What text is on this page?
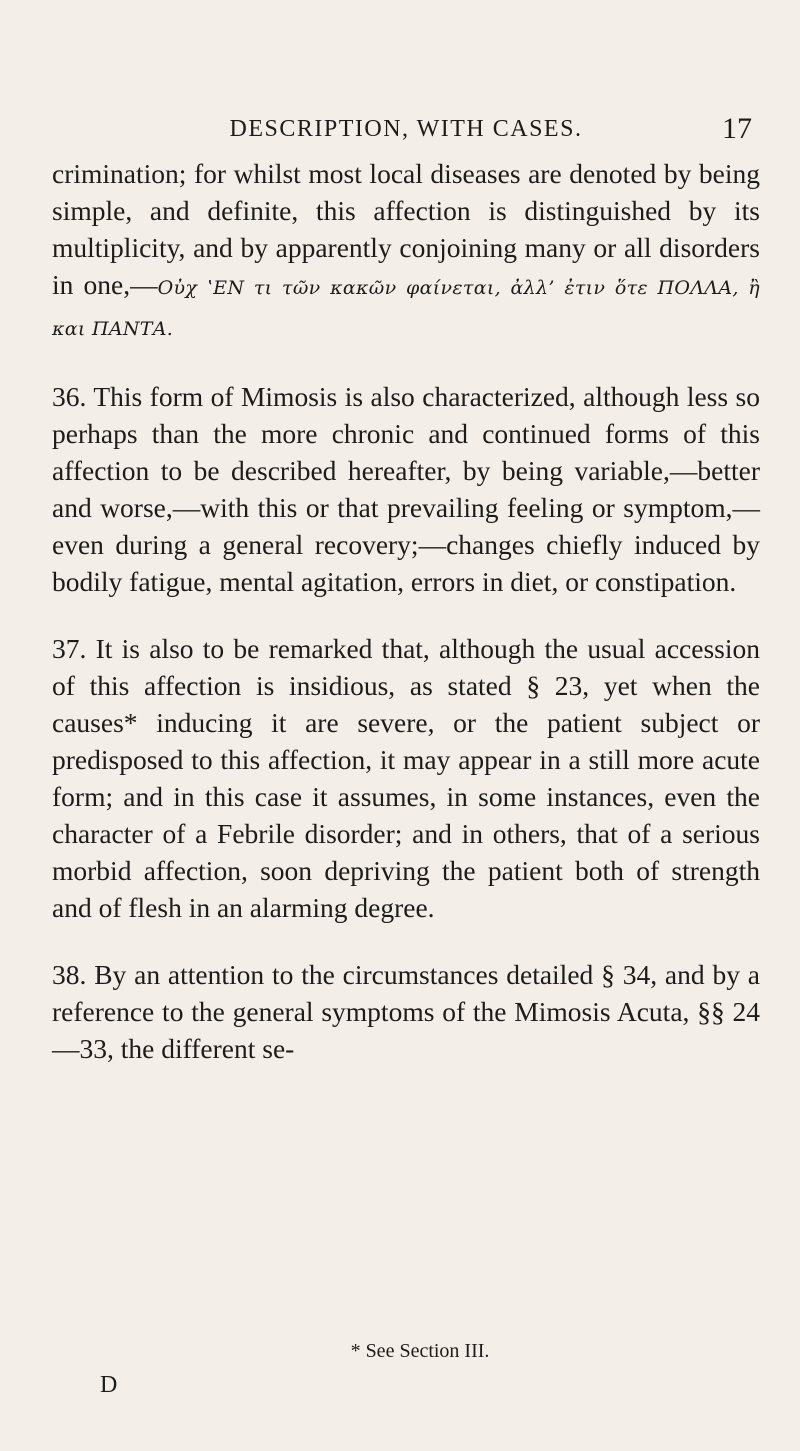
DESCRIPTION, WITH CASES.	17

crimination; for whilst most local diseases are denoted by being simple, and definite, this affection is distinguished by its multiplicity, and by apparently conjoining many or all disorders in one,—Οὐχ ʽΕΝ τι τῶν κακῶν φαίνεται, ἀλλ’ ἐτιν ὅτε ΠΟΛΛΑ, ἢ και ΠΑΝΤΑ.

36. This form of Mimosis is also characterized, although less so perhaps than the more chronic and continued forms of this affection to be described hereafter, by being variable,—better and worse,—with this or that prevailing feeling or symptom,—even during a general recovery;—changes chiefly induced by bodily fatigue, mental agitation, errors in diet, or constipation.

37. It is also to be remarked that, although the usual accession of this affection is insidious, as stated § 23, yet when the causes* inducing it are severe, or the patient subject or predisposed to this affection, it may appear in a still more acute form; and in this case it assumes, in some instances, even the character of a Febrile disorder; and in others, that of a serious morbid affection, soon depriving the patient both of strength and of flesh in an alarming degree.

38. By an attention to the circumstances detailed § 34, and by a reference to the general symptoms of the Mimosis Acuta, §§ 24—33, the different se-

* See Section III.
D
